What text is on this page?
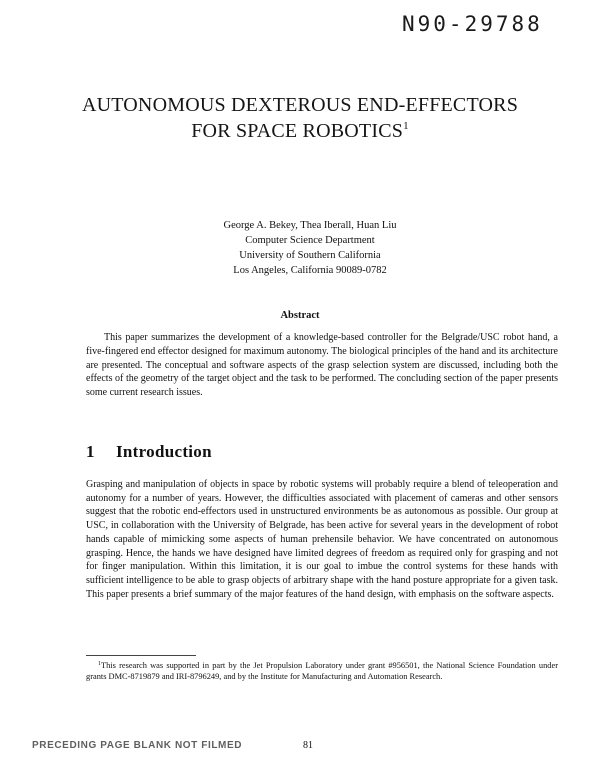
N90-29788
AUTONOMOUS DEXTEROUS END-EFFECTORS
FOR SPACE ROBOTICS$^1$
George A. Bekey, Thea Iberall, Huan Liu
Computer Science Department
University of Southern California
Los Angeles, California 90089-0782
Abstract
This paper summarizes the development of a knowledge-based controller for the Belgrade/USC robot hand, a five-fingered end effector designed for maximum autonomy. The biological principles of the hand and its architecture are presented. The conceptual and software aspects of the grasp selection system are discussed, including both the effects of the geometry of the target object and the task to be performed. The concluding section of the paper presents some current research issues.
1 Introduction
Grasping and manipulation of objects in space by robotic systems will probably require a blend of teleoperation and autonomy for a number of years. However, the difficulties associated with placement of cameras and other sensors suggest that the robotic end-effectors used in unstructured environments be as autonomous as possible. Our group at USC, in collaboration with the University of Belgrade, has been active for several years in the development of robot hands capable of mimicking some aspects of human prehensile behavior. We have concentrated on autonomous grasping. Hence, the hands we have designed have limited degrees of freedom as required only for grasping and not for finger manipulation. Within this limitation, it is our goal to imbue the control systems for these hands with sufficient intelligence to be able to grasp objects of arbitrary shape with the hand posture appropriate for a given task. This paper presents a brief summary of the major features of the hand design, with emphasis on the software aspects.
$^1$This research was supported in part by the Jet Propulsion Laboratory under grant #956501, the National Science Foundation under grants DMC-8719879 and IRI-8796249, and by the Institute for Manufacturing and Automation Research.
PRECEDING PAGE BLANK NOT FILMED	81
